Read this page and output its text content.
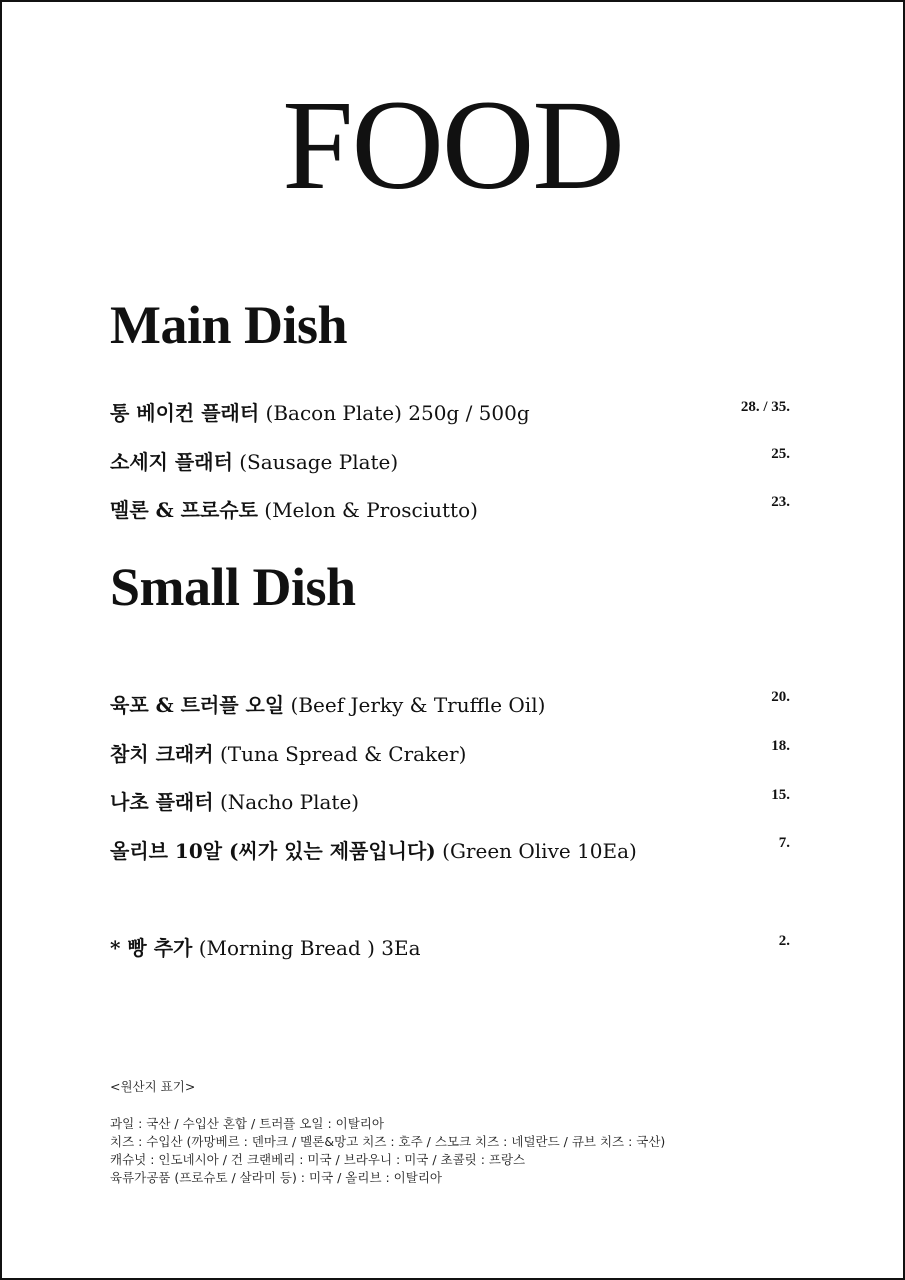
FOOD
Main Dish
통 베이컨 플래터 (Bacon Plate) 250g / 500g	28. / 35.
소세지 플래터 (Sausage Plate)	25.
멜론 & 프로슈토 (Melon & Prosciutto)	23.
Small Dish
육포 & 트러플 오일 (Beef Jerky & Truffle Oil)	20.
참치 크래커 (Tuna Spread & Craker)	18.
나초 플래터 (Nacho Plate)	15.
올리브 10알 (씨가 있는 제품입니다) (Green Olive 10Ea)	7.
* 빵 추가 (Morning Bread ) 3Ea	2.
<원산지 표기>
과일 : 국산 / 수입산 혼합 / 트러플 오일 : 이탈리아
치즈 : 수입산 (까망베르 : 덴마크 / 멜론&망고 치즈 : 호주 / 스모크 치즈 : 네덜란드 / 큐브 치즈 : 국산)
캐슈넛 : 인도네시아 / 건 크랜베리 : 미국 / 브라우니 : 미국 / 초콜릿 : 프랑스
육류가공품 (프로슈토 / 살라미 등) : 미국 / 올리브 : 이탈리아
